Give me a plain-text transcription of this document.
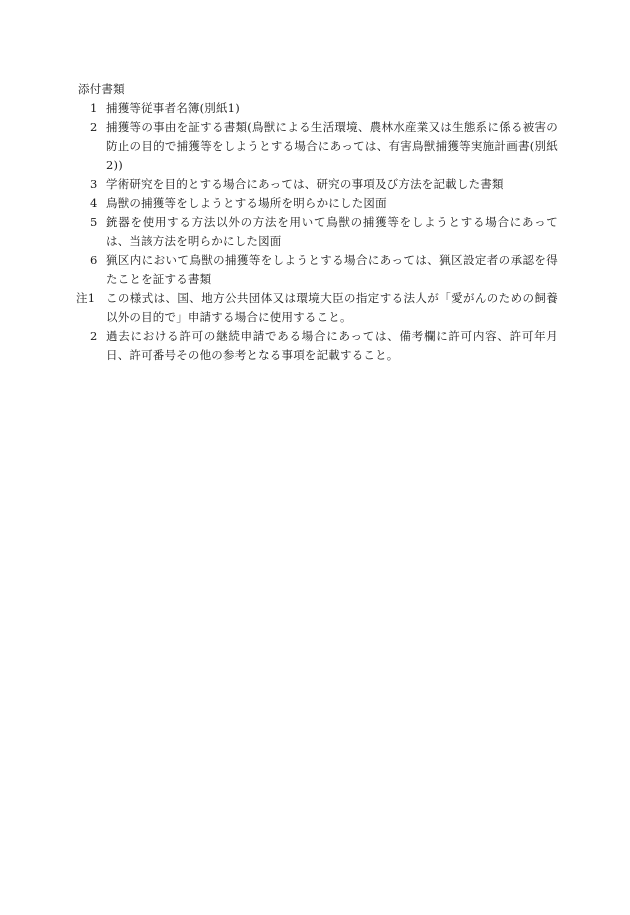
添付書類

1 捕獲等従事者名簿(別紙1)
2 捕獲等の事由を証する書類(鳥獣による生活環境、農林水産業又は生態系に係る被害の防止の目的で捕獲等をしようとする場合にあっては、有害鳥獣捕獲等実施計画書(別紙2))
3 学術研究を目的とする場合にあっては、研究の事項及び方法を記載した書類
4 鳥獣の捕獲等をしようとする場所を明らかにした図面
5 銃器を使用する方法以外の方法を用いて鳥獣の捕獲等をしようとする場合にあっては、当該方法を明らかにした図面
6 猟区内において鳥獣の捕獲等をしようとする場合にあっては、猟区設定者の承認を得たことを証する書類
注1 この様式は、国、地方公共団体又は環境大臣の指定する法人が「愛がんのための飼養以外の目的で」申請する場合に使用すること。
2 過去における許可の継続申請である場合にあっては、備考欄に許可内容、許可年月日、許可番号その他の参考となる事項を記載すること。
